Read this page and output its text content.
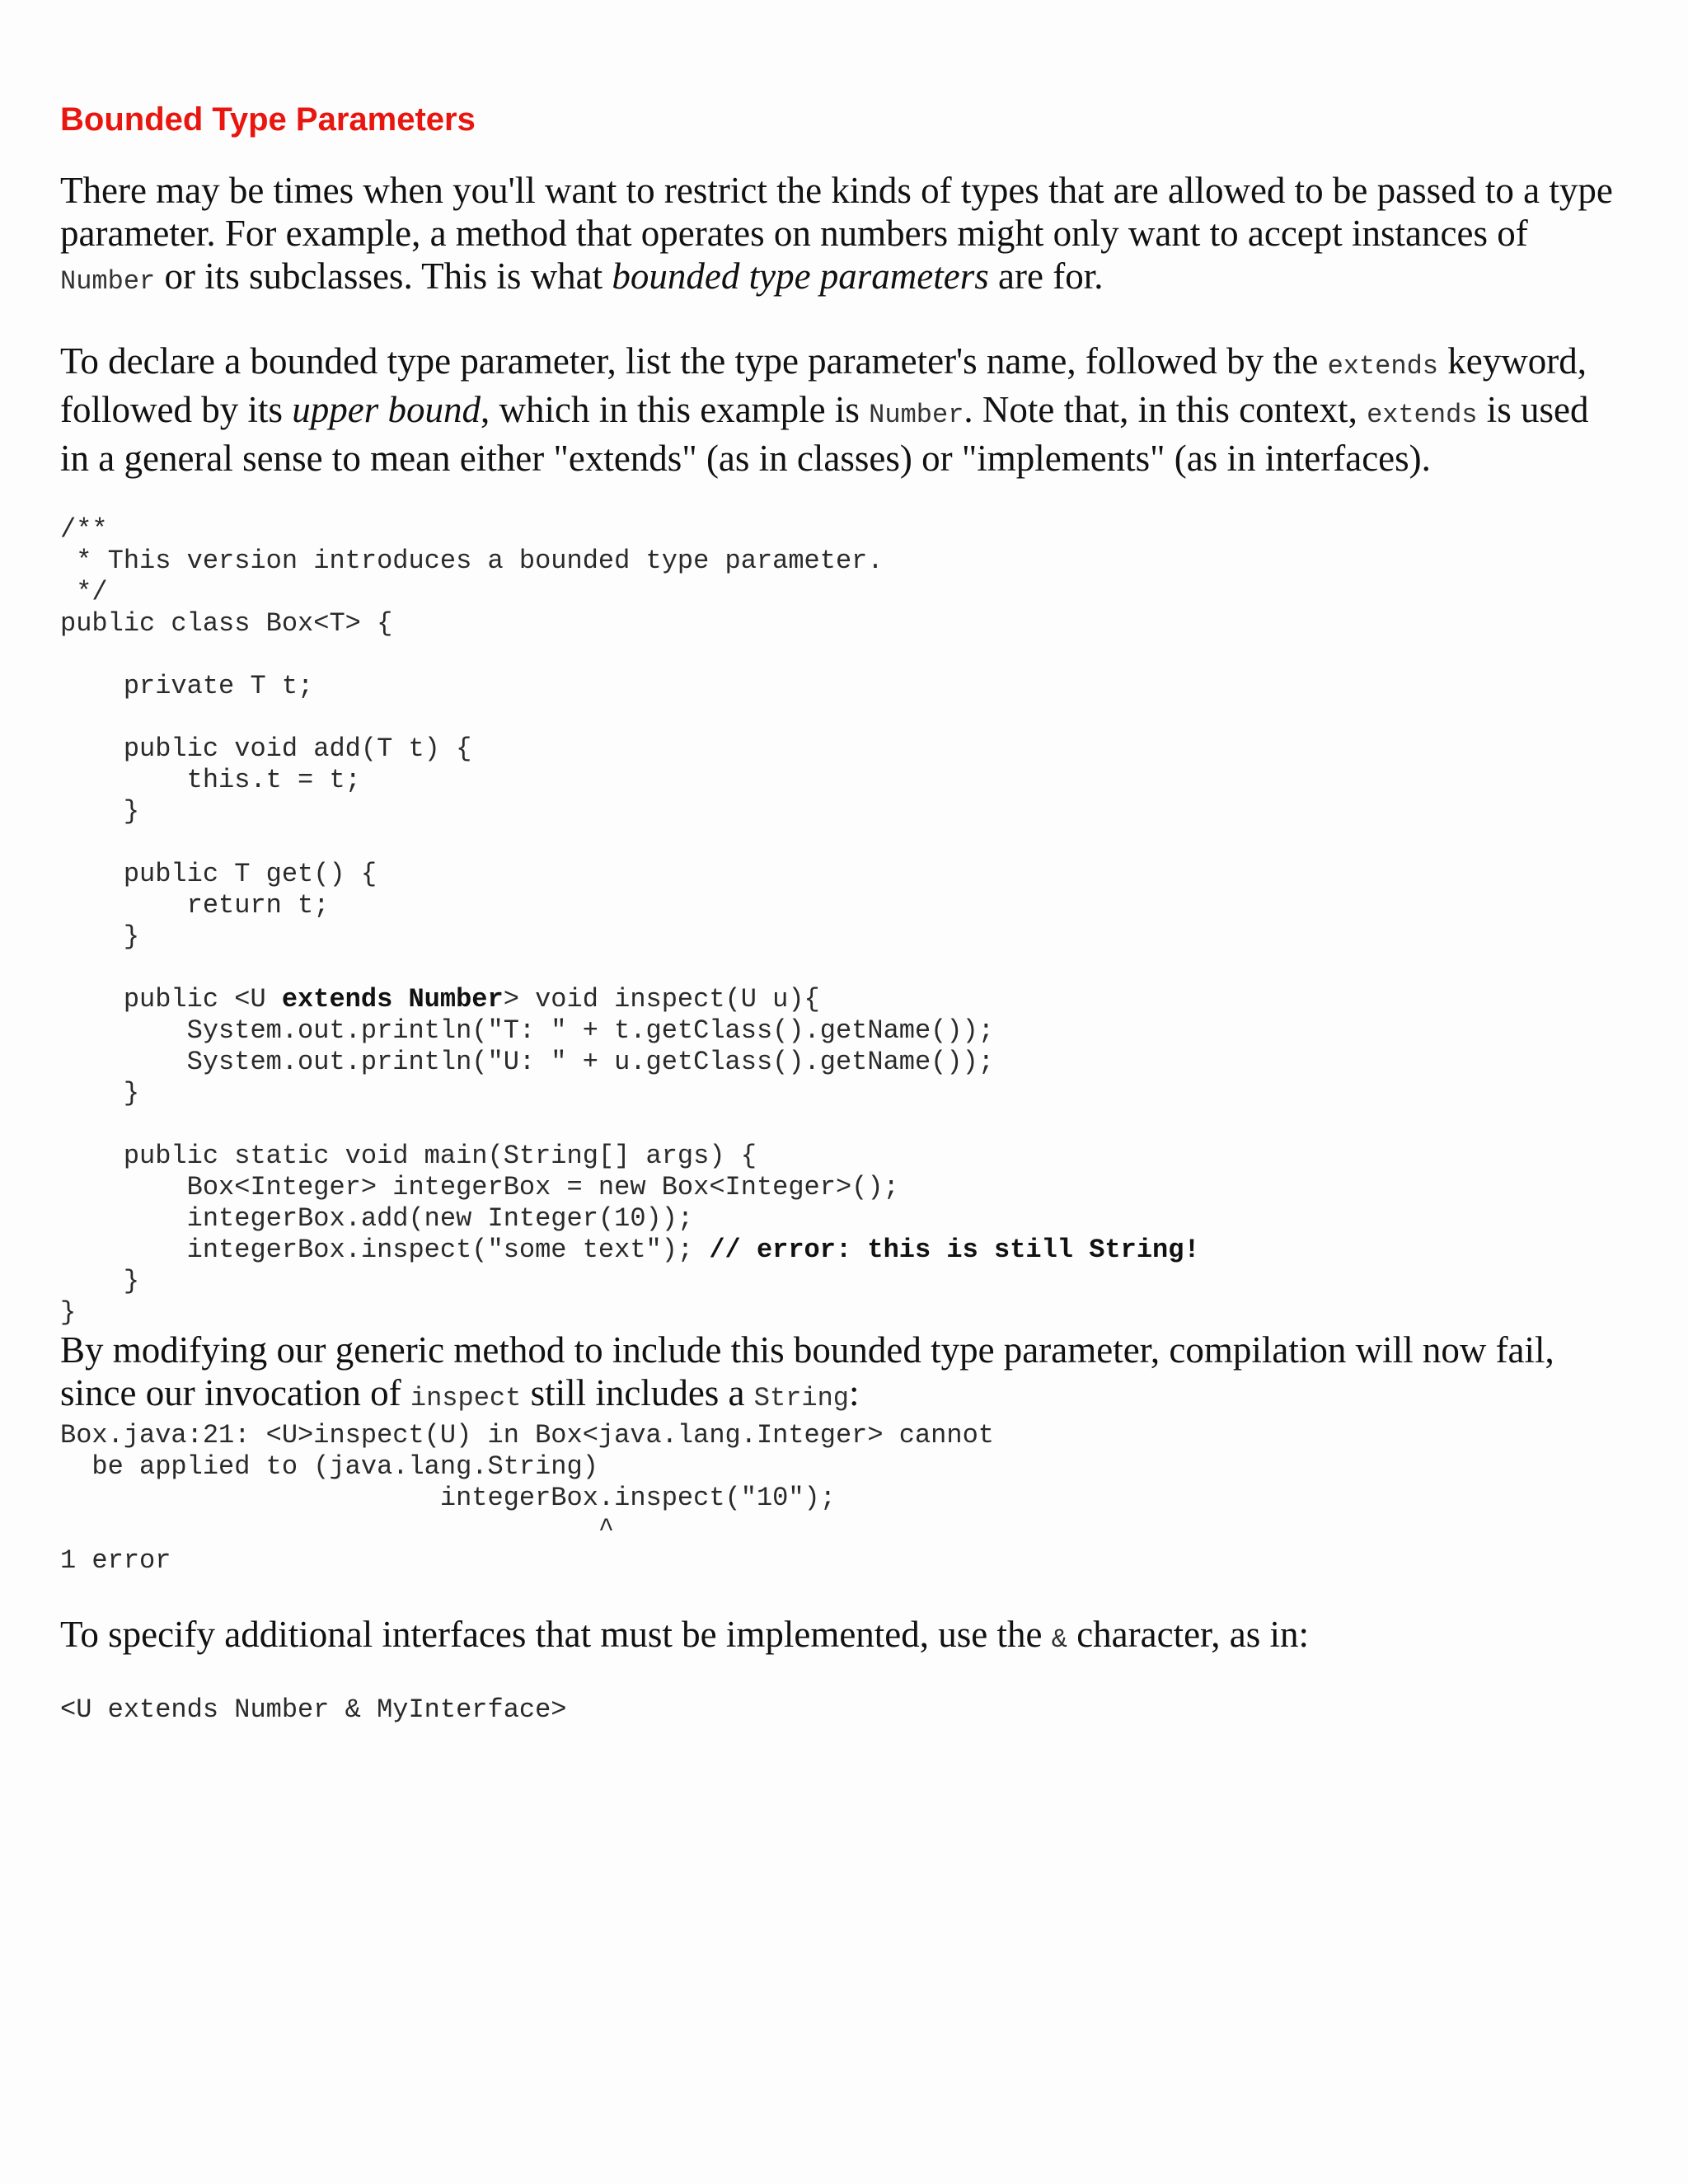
Bounded Type Parameters

There may be times when you'll want to restrict the kinds of types that are allowed to be passed to a type parameter. For example, a method that operates on numbers might only want to accept instances of Number or its subclasses. This is what bounded type parameters are for.

To declare a bounded type parameter, list the type parameter's name, followed by the extends keyword, followed by its upper bound, which in this example is Number. Note that, in this context, extends is used in a general sense to mean either "extends" (as in classes) or "implements" (as in interfaces).

/**
* This version introduces a bounded type parameter.
*/
public class Box<T> {

private T t;

public void add(T t) {
this.t = t;
}

public T get() {
return t;
}

public <U extends Number> void inspect(U u){
System.out.println("T: " + t.getClass().getName());
System.out.println("U: " + u.getClass().getName());
}

public static void main(String[] args) {
Box<Integer> integerBox = new Box<Integer>();
integerBox.add(new Integer(10));
integerBox.inspect("some text"); // error: this is still String!
}
}

By modifying our generic method to include this bounded type parameter, compilation will now fail, since our invocation of inspect still includes a String:

Box.java:21: <U>inspect(U) in Box<java.lang.Integer> cannot
be applied to (java.lang.String)
integerBox.inspect("10");
^
1 error

To specify additional interfaces that must be implemented, use the & character, as in:

<U extends Number & MyInterface>
